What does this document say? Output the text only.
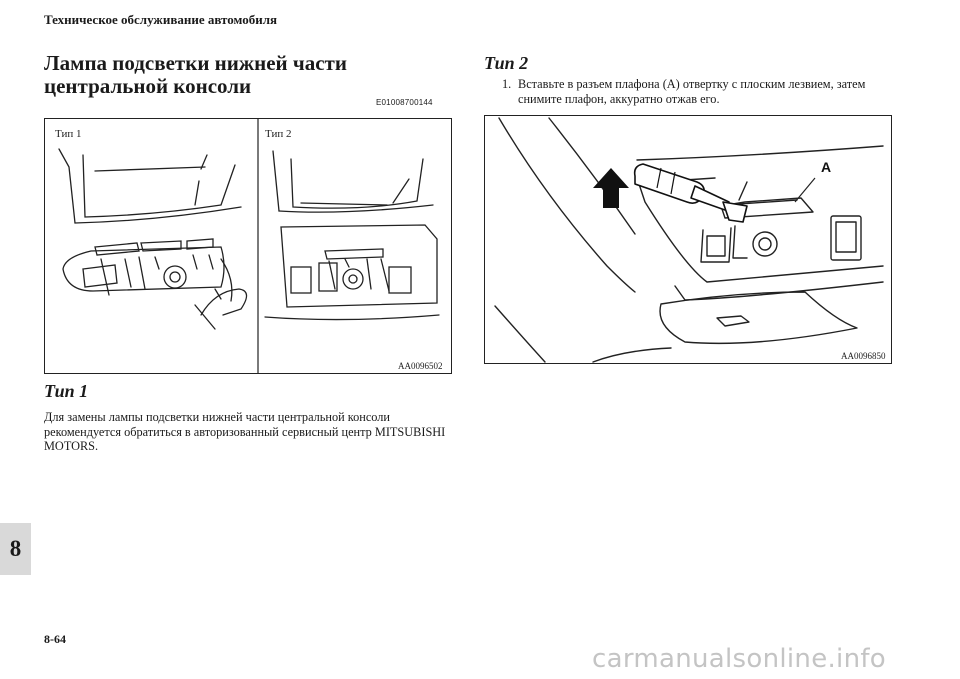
Техническое обслуживание автомобиля
Лампа подсветки нижней части центральной консоли
E01008700144
Тип 1	Тип 2
AA0096502
Тип 1
Для замены лампы подсветки нижней части центральной консоли рекомендуется обратиться в авторизованный сервисный центр MITSUBISHI MOTORS.
Тип 2
1. Вставьте в разъем плафона (A) отвертку с плоским лезвием, затем снимите плафон, аккуратно отжав его.
A
AA0096850
8
8-64
carmanualsonline.info
